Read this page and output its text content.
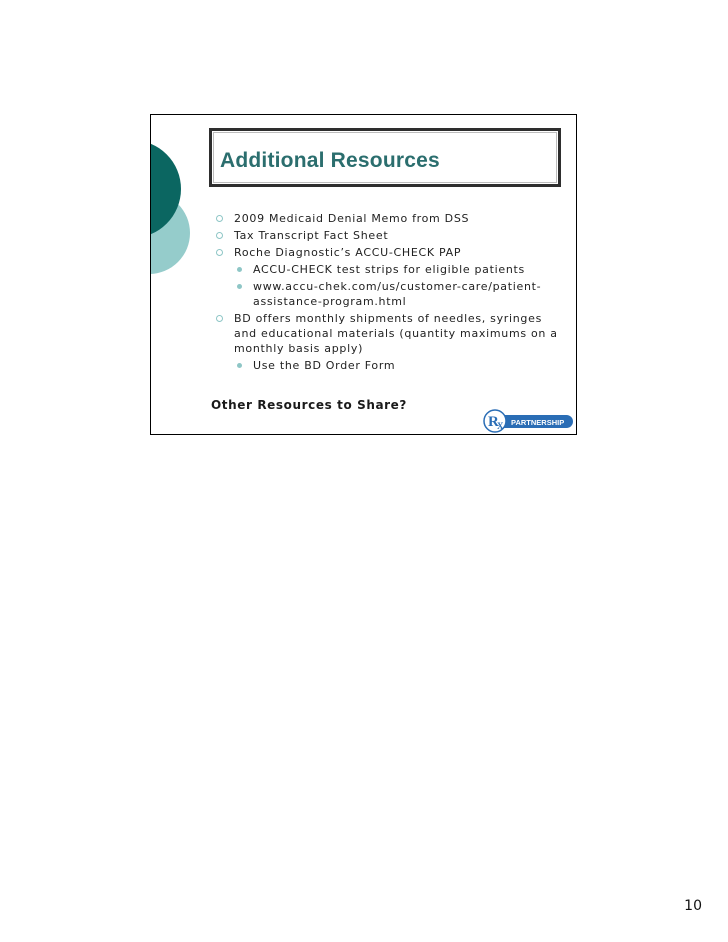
Additional Resources
2009 Medicaid Denial Memo from DSS
Tax Transcript Fact Sheet
Roche Diagnostic’s ACCU-CHECK PAP
ACCU-CHECK test strips for eligible patients
www.accu-chek.com/us/customer-care/patient-assistance-program.html
BD offers monthly shipments of needles, syringes and educational materials (quantity maximums on a monthly basis apply)
Use the BD Order Form

Other Resources to Share?

R
X PARTNERSHIP
10
